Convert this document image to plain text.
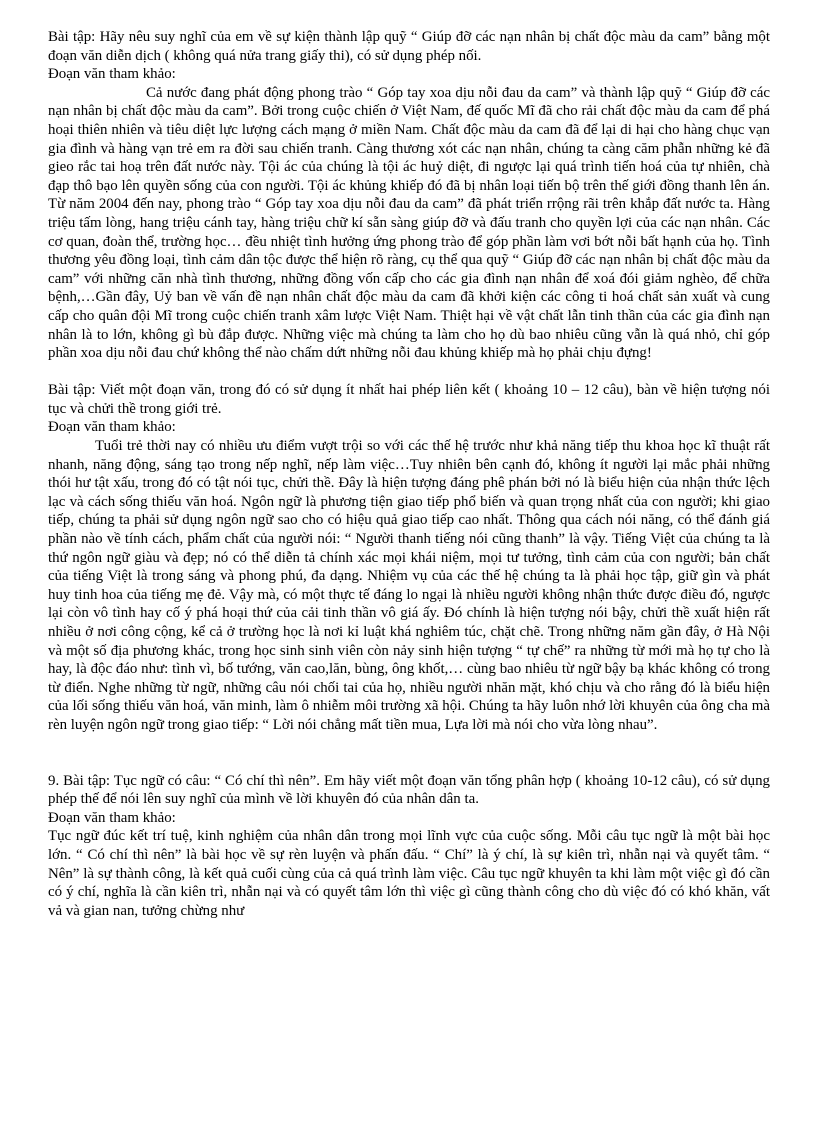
Bài tập: Hãy nêu suy nghĩ của em về sự kiện thành lập quỹ “ Giúp đỡ các nạn nhân bị chất độc màu da cam” bằng một đoạn văn diễn dịch ( không quá nửa trang giấy thi), có sử dụng phép nối.

Đoạn văn tham khảo:

Cả nước đang phát động phong trào “ Góp tay xoa dịu nỗi đau da cam” và thành lập quỹ “ Giúp đỡ các nạn nhân bị chất độc màu da cam”. Bởi trong cuộc chiến ở Việt Nam, đế quốc Mĩ đã cho rải chất độc màu da cam để phá hoại thiên nhiên và tiêu diệt lực lượng cách mạng ở miền Nam. Chất độc màu da cam đã để lại di hại cho hàng chục vạn gia đình và hàng vạn trẻ em ra đời sau chiến tranh. Càng thương xót các nạn nhân, chúng ta càng căm phẫn những kẻ đã gieo rắc tai hoạ trên đất nước này. Tội ác của chúng là tội ác huỷ diệt, đi ngược lại quá trình tiến hoá của tự nhiên, chà đạp thô bạo lên quyền sống của con người. Tội ác khủng khiếp đó đã bị nhân loại tiến bộ trên thế giới đồng thanh lên án. Từ năm 2004 đến nay, phong trào “ Góp tay xoa dịu nỗi đau da cam” đã phát triển rrộng rãi trên khắp đất nước ta. Hàng triệu tấm lòng, hang triệu cánh tay, hàng triệu chữ kí sẵn sàng giúp đỡ và đấu tranh cho quyền lợi của các nạn nhân. Các cơ quan, đoàn thể, trường học… đều nhiệt tình hưởng ứng phong trào để góp phần làm vơi bớt nỗi bất hạnh của họ. Tình thương yêu đồng loại, tình cảm dân tộc được thể hiện rõ ràng, cụ thể qua quỹ “ Giúp đỡ các nạn nhân bị chất độc màu da cam” với những căn nhà tình thương, những đồng vốn cấp cho các gia đình nạn nhân để xoá đói giảm nghèo, để chữa bệnh,…Gần đây, Uỷ ban về vấn đề nạn nhân chất độc màu da cam đã khởi kiện các công ti hoá chất sản xuất và cung cấp cho quân đội Mĩ trong cuộc chiến tranh xâm lược Việt Nam. Thiệt hại về vật chất lẫn tinh thần của các gia đình nạn nhân là to lớn, không gì bù đắp được. Những việc mà chúng ta làm cho họ dù bao nhiêu cũng vẫn là quá nhỏ, chỉ góp phần xoa dịu nỗi đau chứ không thể nào chấm dứt những nỗi đau khủng khiếp mà họ phải chịu đựng!

Bài tập: Viết một đoạn văn, trong đó có sử dụng ít nhất hai phép liên kết ( khoảng 10 – 12 câu), bàn về hiện tượng nói tục và chửi thề trong giới trẻ.

Đoạn văn tham khảo:

Tuổi trẻ thời nay có nhiều ưu điểm vượt trội so với các thế hệ trước như khả năng tiếp thu khoa học kĩ thuật rất nhanh, năng động, sáng tạo trong nếp nghĩ, nếp làm việc…Tuy nhiên bên cạnh đó, không ít người lại mắc phải những thói hư tật xấu, trong đó có tật nói tục, chửi thề. Đây là hiện tượng đáng phê phán bởi nó là biểu hiện của nhận thức lệch lạc và cách sống thiếu văn hoá. Ngôn ngữ là phương tiện giao tiếp phổ biến và quan trọng nhất của con người; khi giao tiếp, chúng ta phải sử dụng ngôn ngữ sao cho có hiệu quả giao tiếp cao nhất. Thông qua cách nói năng, có thể đánh giá phần nào về tính cách, phẩm chất của người nói: “ Người thanh tiếng nói cũng thanh” là vậy. Tiếng Việt của chúng ta là thứ ngôn ngữ giàu và đẹp; nó có thể diễn tả chính xác mọi khái niệm, mọi tư tưởng, tình cảm của con người; bản chất của tiếng Việt là trong sáng và phong phú, đa dạng. Nhiệm vụ của các thế hệ chúng ta là phải học tập, giữ gìn và phát huy tinh hoa của tiếng mẹ đẻ. Vậy mà, có một thực tế đáng lo ngại là nhiều người không nhận thức được điều đó, ngược lại còn vô tình hay cố ý phá hoại thứ của cải tinh thần vô giá ấy. Đó chính là hiện tượng nói bậy, chửi thề xuất hiện rất nhiều ở nơi công cộng, kể cả ở trường học là nơi kỉ luật khá nghiêm túc, chặt chẽ. Trong những năm gần đây, ở Hà Nội và một số địa phương khác, trong học sinh sinh viên còn nảy sinh hiện tượng “ tự chế” ra những từ mới mà họ tự cho là hay, là độc đáo như: tình vì, bố tướng, văn cao,lăn, bùng, ông khốt,… cùng bao nhiêu từ ngữ bậy bạ khác không có trong từ điển. Nghe những từ ngữ, những câu nói chối tai của họ, nhiều người nhăn mặt, khó chịu và cho rằng đó là biểu hiện của lối sống thiếu văn hoá, văn minh, làm ô nhiễm môi trường xã hội. Chúng ta hãy luôn nhớ lời khuyên của ông cha mà rèn luyện ngôn ngữ trong giao tiếp: “ Lời nói chẳng mất tiền mua, Lựa lời mà nói cho vừa lòng nhau”.

9. Bài tập: Tục ngữ có câu: “ Có chí thì nên”. Em hãy viết một đoạn văn tổng phân hợp ( khoảng 10-12 câu), có sử dụng phép thế để nói lên suy nghĩ của mình về lời khuyên đó của nhân dân ta.

Đoạn văn tham khảo:

Tục ngữ đúc kết trí tuệ, kinh nghiệm của nhân dân trong mọi lĩnh vực của cuộc sống. Mỗi câu tục ngữ là một bài học lớn. “ Có chí thì nên” là bài học về sự rèn luyện và phấn đấu. “ Chí” là ý chí, là sự kiên trì, nhẫn nại và quyết tâm. “ Nên” là sự thành công, là kết quả cuối cùng của cả quá trình làm việc. Câu tục ngữ khuyên ta khi làm một việc gì đó cần có ý chí, nghĩa là cần kiên trì, nhẫn nại và có quyết tâm lớn thì việc gì cũng thành công cho dù việc đó có khó khăn, vất vả và gian nan, tưởng chừng như
